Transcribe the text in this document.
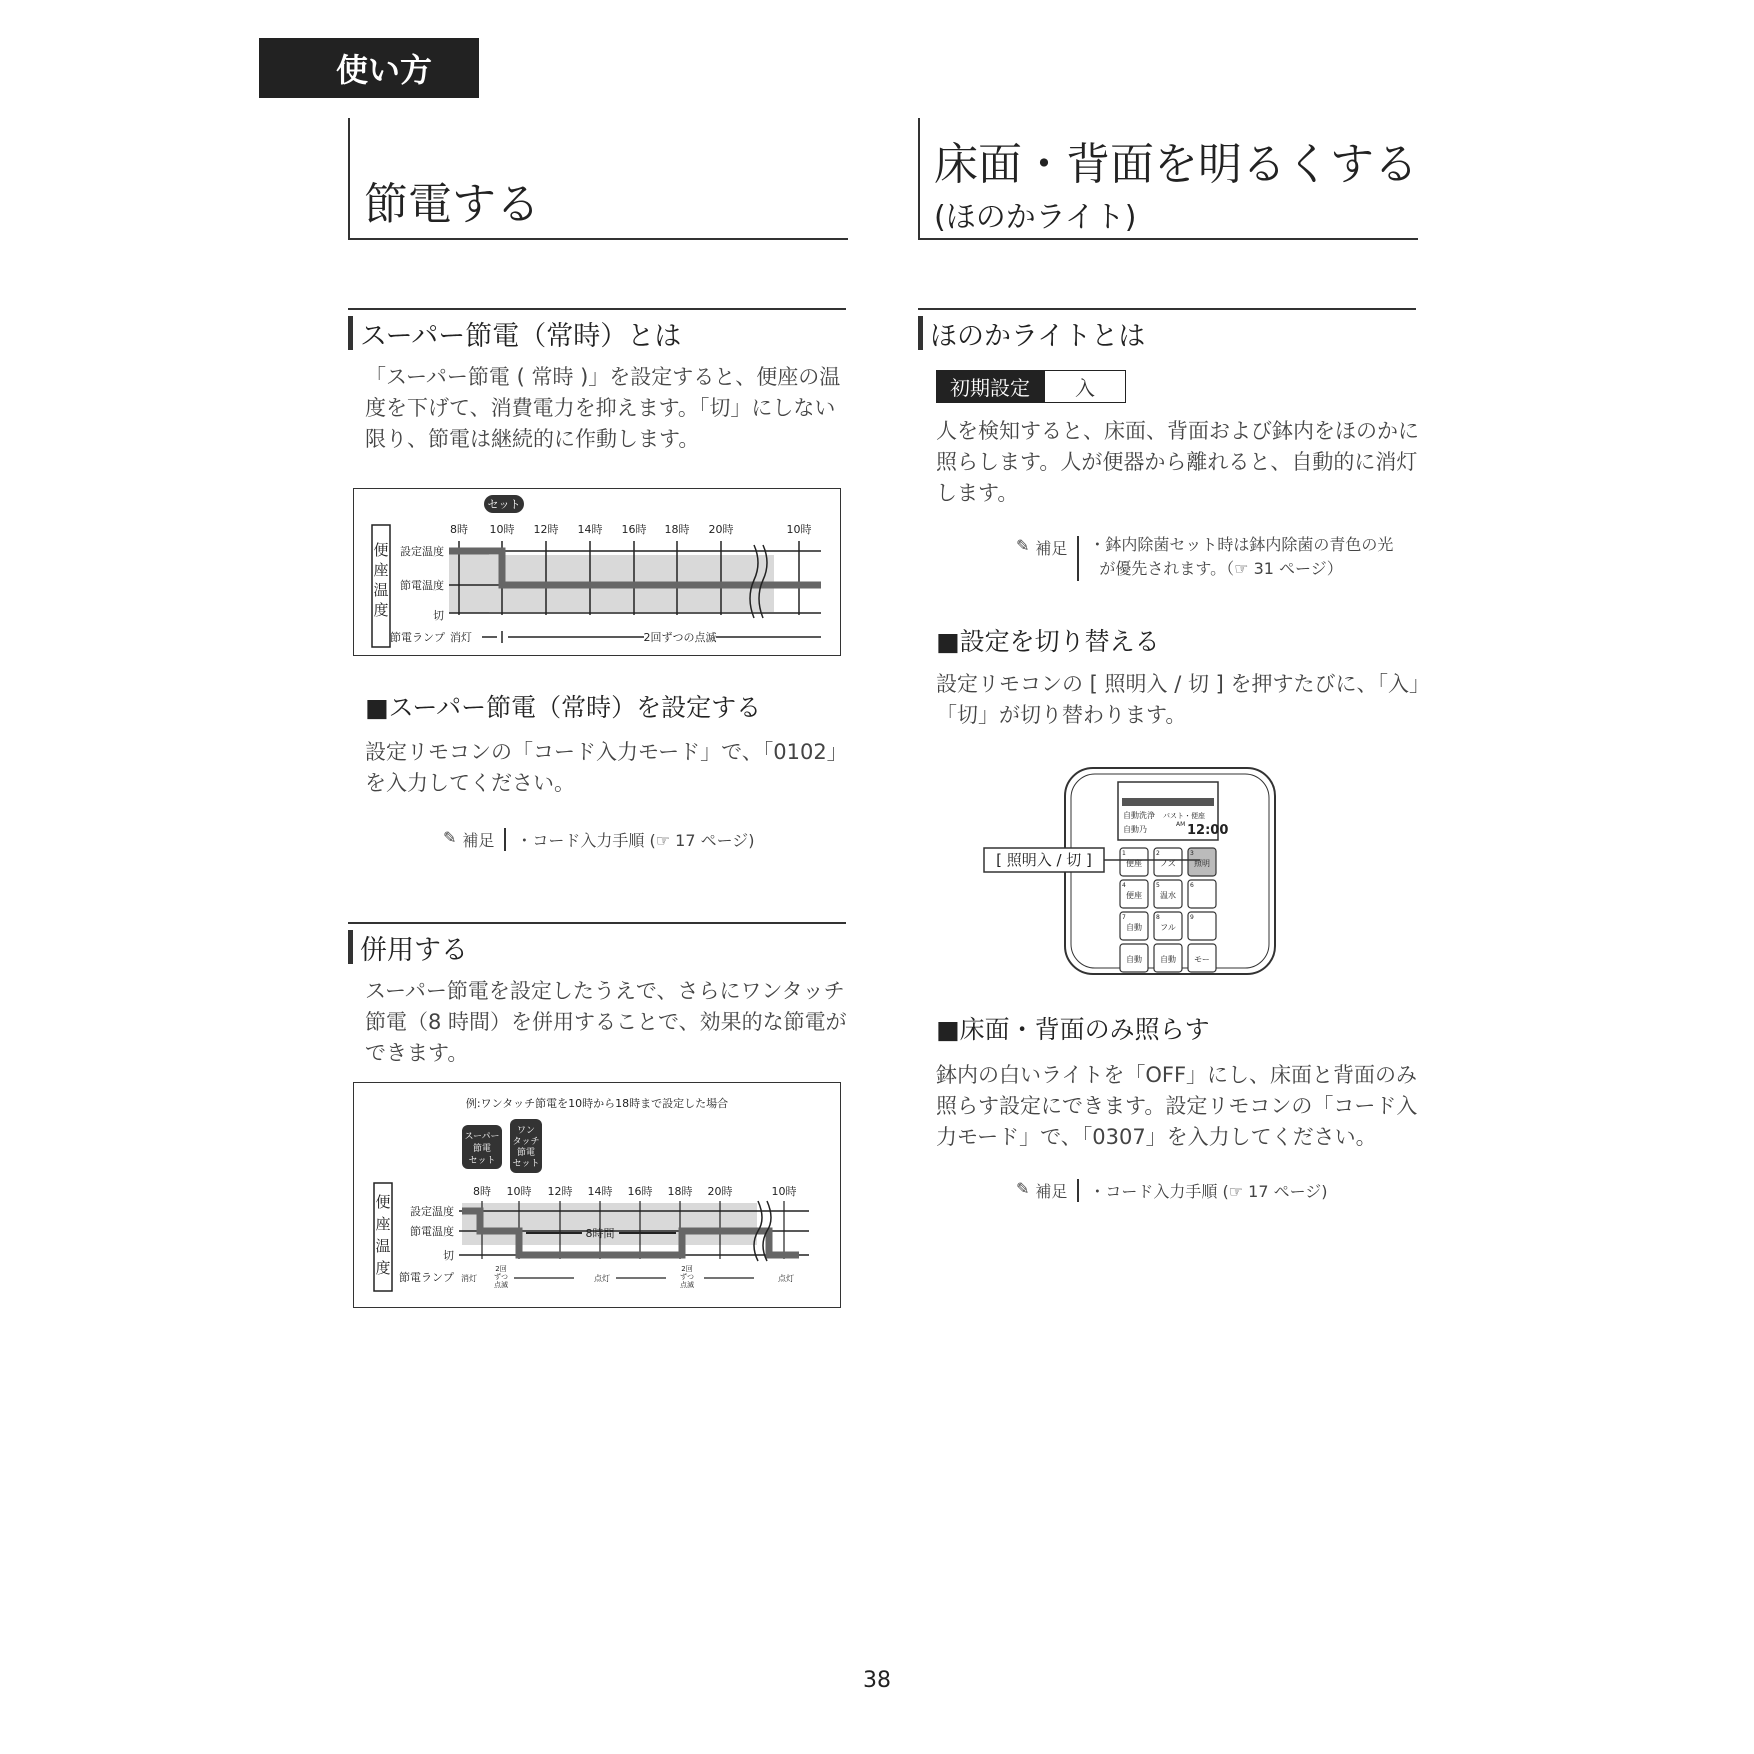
使い方
節電する
スーパー節電（常時）とは
「スーパー節電 ( 常時 )」を設定すると、便座の温度を下げて、消費電力を抑えます。「切」にしない限り、節電は継続的に作動します。
セット
8時 10時 12時 14時 16時 18時 20時	10時
便
座
温
度
設定温度
節電温度
切
節電ランプ 消灯	2回ずつの点滅
■スーパー節電（常時）を設定する
設定リモコンの「コード入力モード」で、「0102」を入力してください。
✎ 補足 ・コード入力手順 (☞ 17 ページ)
併用する
スーパー節電を設定したうえで、さらにワンタッチ節電（8 時間）を併用することで、効果的な節電ができます。
例:ワンタッチ節電を10時から18時まで設定した場合
8時間
スーパー
節電
セット
ワン
タッチ
節電
セット
8時 10時 12時 14時 16時 18時 20時	10時
便
座
温
度
設定温度
節電温度
切
節電ランプ 消灯
2回
ずつ
点滅
点灯
2回
ずつ
点滅
点灯
床面・背面を明るくする
(ほのかライト)
ほのかライトとは
初期設定	入
人を検知すると、床面、背面および鉢内をほのかに照らします。人が便器から離れると、自動的に消灯します。
✎ 補足 ・鉢内除菌セット時は鉢内除菌の青色の光
が優先されます。（☞ 31 ページ）
■設定を切り替える
設定リモコンの [ 照明入 / 切 ] を押すたびに、「入」「切」が切り替わります。
自動洗浄 パスト・便座
自動乃
AM 12:00
1
便座
2
ノズ
3
照明
4
便座
5
温水
6
7
自動
8
フル
9
自動 自動 モー
[ 照明入 / 切 ]
■床面・背面のみ照らす
鉢内の白いライトを「OFF」にし、床面と背面のみ照らす設定にできます。設定リモコンの「コード入力モード」で、「0307」を入力してください。
✎ 補足 ・コード入力手順 (☞ 17 ページ)
38
